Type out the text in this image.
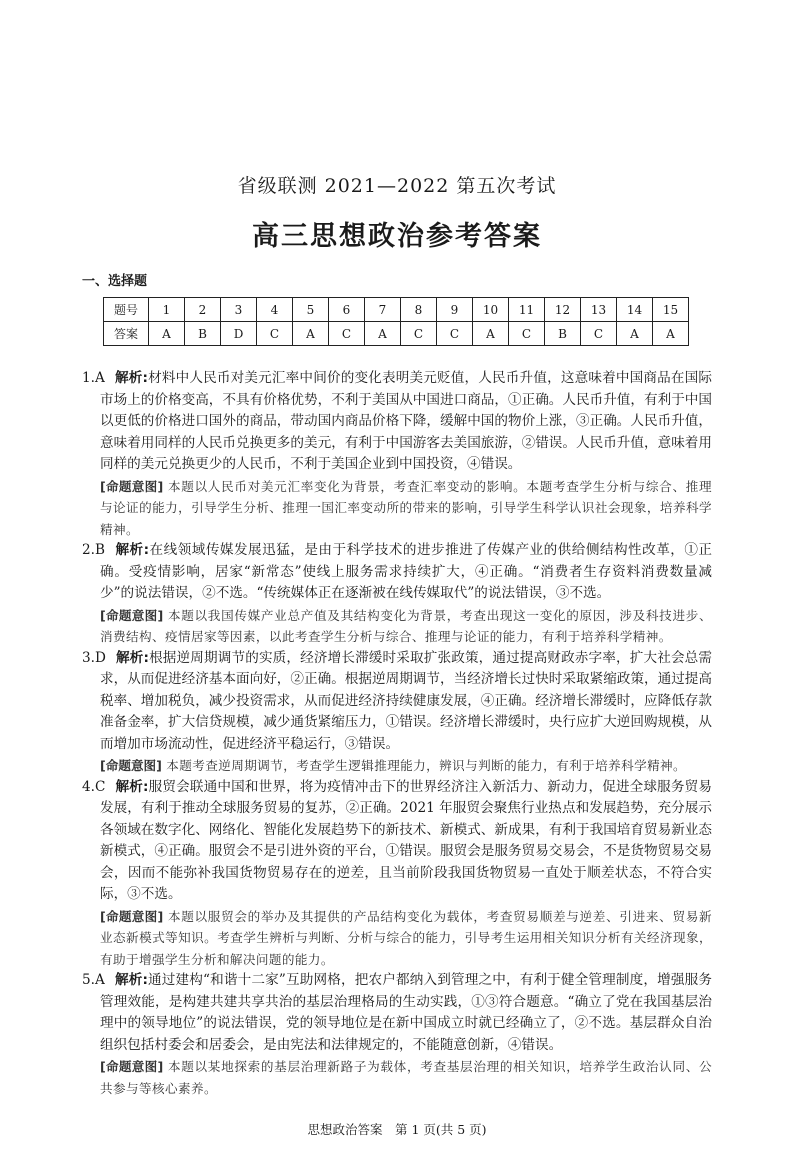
省级联测 2021—2022 第五次考试
高三思想政治参考答案
一、选择题
题号	1	2	3	4	5	6	7	8	9	10	11	12	13	14	15
答案	A	B	D	C	A	C	A	C	C	A	C	B	C	A	A
1.A 解析:材料中人民币对美元汇率中间价的变化表明美元贬值，人民币升值，这意味着中国商品在国际市场上的价格变高，不具有价格优势，不利于美国从中国进口商品，①正确。人民币升值，有利于中国以更低的价格进口国外的商品，带动国内商品价格下降，缓解中国的物价上涨，③正确。人民币升值，意味着用同样的人民币兑换更多的美元，有利于中国游客去美国旅游，②错误。人民币升值，意味着用同样的美元兑换更少的人民币，不利于美国企业到中国投资，④错误。
[命题意图] 本题以人民币对美元汇率变化为背景，考查汇率变动的影响。本题考查学生分析与综合、推理与论证的能力，引导学生分析、推理一国汇率变动所的带来的影响，引导学生科学认识社会现象，培养科学精神。
2.B 解析:在线领域传媒发展迅猛，是由于科学技术的进步推进了传媒产业的供给侧结构性改革，①正确。受疫情影响，居家“新常态”使线上服务需求持续扩大，④正确。“消费者生存资料消费数量减少”的说法错误，②不选。“传统媒体正在逐渐被在线传媒取代”的说法错误，③不选。
[命题意图] 本题以我国传媒产业总产值及其结构变化为背景，考查出现这一变化的原因，涉及科技进步、消费结构、疫情居家等因素，以此考查学生分析与综合、推理与论证的能力，有利于培养科学精神。
3.D 解析:根据逆周期调节的实质，经济增长滞缓时采取扩张政策，通过提高财政赤字率，扩大社会总需求，从而促进经济基本面向好，②正确。根据逆周期调节，当经济增长过快时采取紧缩政策，通过提高税率、增加税负，减少投资需求，从而促进经济持续健康发展，④正确。经济增长滞缓时，应降低存款准备金率，扩大信贷规模，减少通货紧缩压力，①错误。经济增长滞缓时，央行应扩大逆回购规模，从而增加市场流动性，促进经济平稳运行，③错误。
[命题意图] 本题考查逆周期调节，考查学生逻辑推理能力，辨识与判断的能力，有利于培养科学精神。
4.C 解析:服贸会联通中国和世界，将为疫情冲击下的世界经济注入新活力、新动力，促进全球服务贸易发展，有利于推动全球服务贸易的复苏，②正确。2021 年服贸会聚焦行业热点和发展趋势，充分展示各领域在数字化、网络化、智能化发展趋势下的新技术、新模式、新成果，有利于我国培育贸易新业态新模式，④正确。服贸会不是引进外资的平台，①错误。服贸会是服务贸易交易会，不是货物贸易交易会，因而不能弥补我国货物贸易存在的逆差，且当前阶段我国货物贸易一直处于顺差状态，不符合实际，③不选。
[命题意图] 本题以服贸会的举办及其提供的产品结构变化为载体，考查贸易顺差与逆差、引进来、贸易新业态新模式等知识。考查学生辨析与判断、分析与综合的能力，引导考生运用相关知识分析有关经济现象，有助于增强学生分析和解决问题的能力。
5.A 解析:通过建构“和谐十二家”互助网格，把农户都纳入到管理之中，有利于健全管理制度，增强服务管理效能，是构建共建共享共治的基层治理格局的生动实践，①③符合题意。“确立了党在我国基层治理中的领导地位”的说法错误，党的领导地位是在新中国成立时就已经确立了，②不选。基层群众自治组织包括村委会和居委会，是由宪法和法律规定的，不能随意创新，④错误。
[命题意图] 本题以某地探索的基层治理新路子为载体，考查基层治理的相关知识，培养学生政治认同、公共参与等核心素养。
思想政治答案　第 1 页(共 5 页)
